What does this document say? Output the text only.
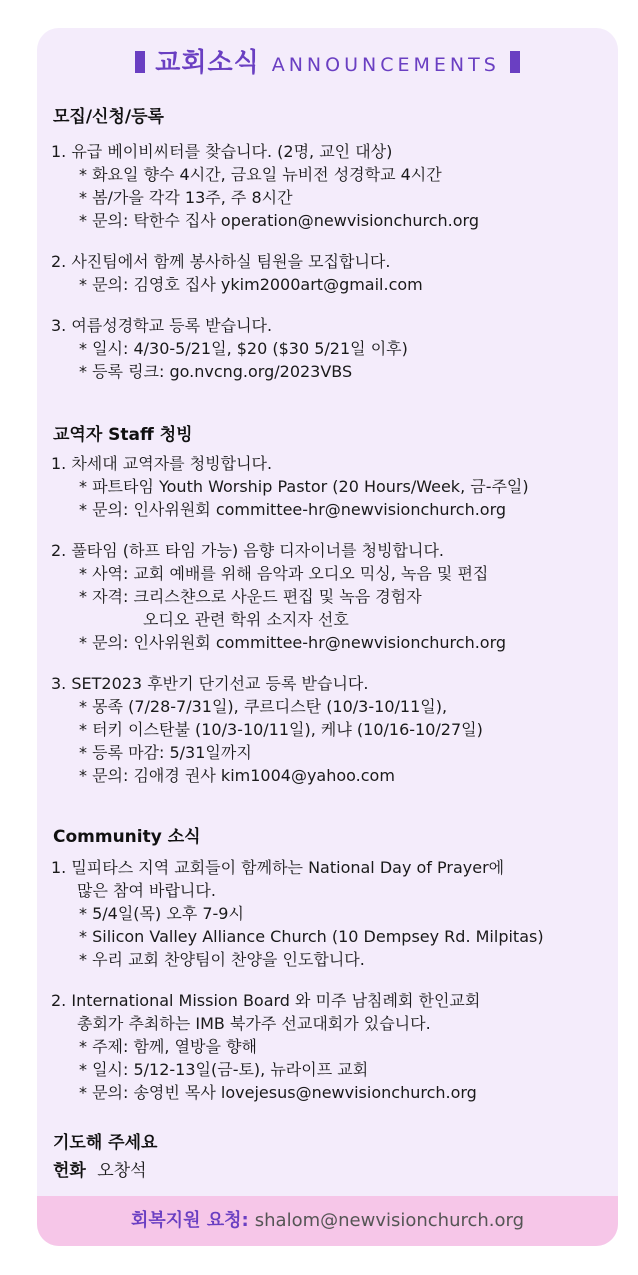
교회소식 ANNOUNCEMENTS
모집/신청/등록
1. 유급 베이비씨터를 찾습니다. (2명, 교인 대상)
* 화요일 향수 4시간, 금요일 뉴비전 성경학교 4시간
* 봄/가을 각각 13주, 주 8시간
* 문의: 탁한수 집사 operation@newvisionchurch.org
2. 사진팀에서 함께 봉사하실 팀원을 모집합니다.
* 문의: 김영호 집사 ykim2000art@gmail.com
3. 여름성경학교 등록 받습니다.
* 일시: 4/30-5/21일, $20 ($30 5/21일 이후)
* 등록 링크: go.nvcng.org/2023VBS
교역자 Staff 청빙
1. 차세대 교역자를 청빙합니다.
* 파트타임 Youth Worship Pastor (20 Hours/Week, 금-주일)
* 문의: 인사위원회 committee-hr@newvisionchurch.org
2. 풀타임 (하프 타임 가능) 음향 디자이너를 청빙합니다.
* 사역: 교회 예배를 위해 음악과 오디오 믹싱, 녹음 및 편집
* 자격: 크리스챤으로 사운드 편집 및 녹음 경험자
오디오 관련 학위 소지자 선호
* 문의: 인사위원회 committee-hr@newvisionchurch.org
3. SET2023 후반기 단기선교 등록 받습니다.
* 몽족 (7/28-7/31일), 쿠르디스탄 (10/3-10/11일),
* 터키 이스탄불 (10/3-10/11일), 케냐 (10/16-10/27일)
* 등록 마감: 5/31일까지
* 문의: 김애경 권사 kim1004@yahoo.com
Community 소식
1. 밀피타스 지역 교회들이 함께하는 National Day of Prayer에
많은 참여 바랍니다.
* 5/4일(목) 오후 7-9시
* Silicon Valley Alliance Church (10 Dempsey Rd. Milpitas)
* 우리 교회 찬양팀이 찬양을 인도합니다.
2. International Mission Board 와 미주 남침례회 한인교회
총회가 추최하는 IMB 북가주 선교대회가 있습니다.
* 주제: 함께, 열방을 향해
* 일시: 5/12-13일(금-토), 뉴라이프 교회
* 문의: 송영빈 목사 lovejesus@newvisionchurch.org
기도해 주세요
헌화 오창석
회복지원 요청: shalom@newvisionchurch.org
